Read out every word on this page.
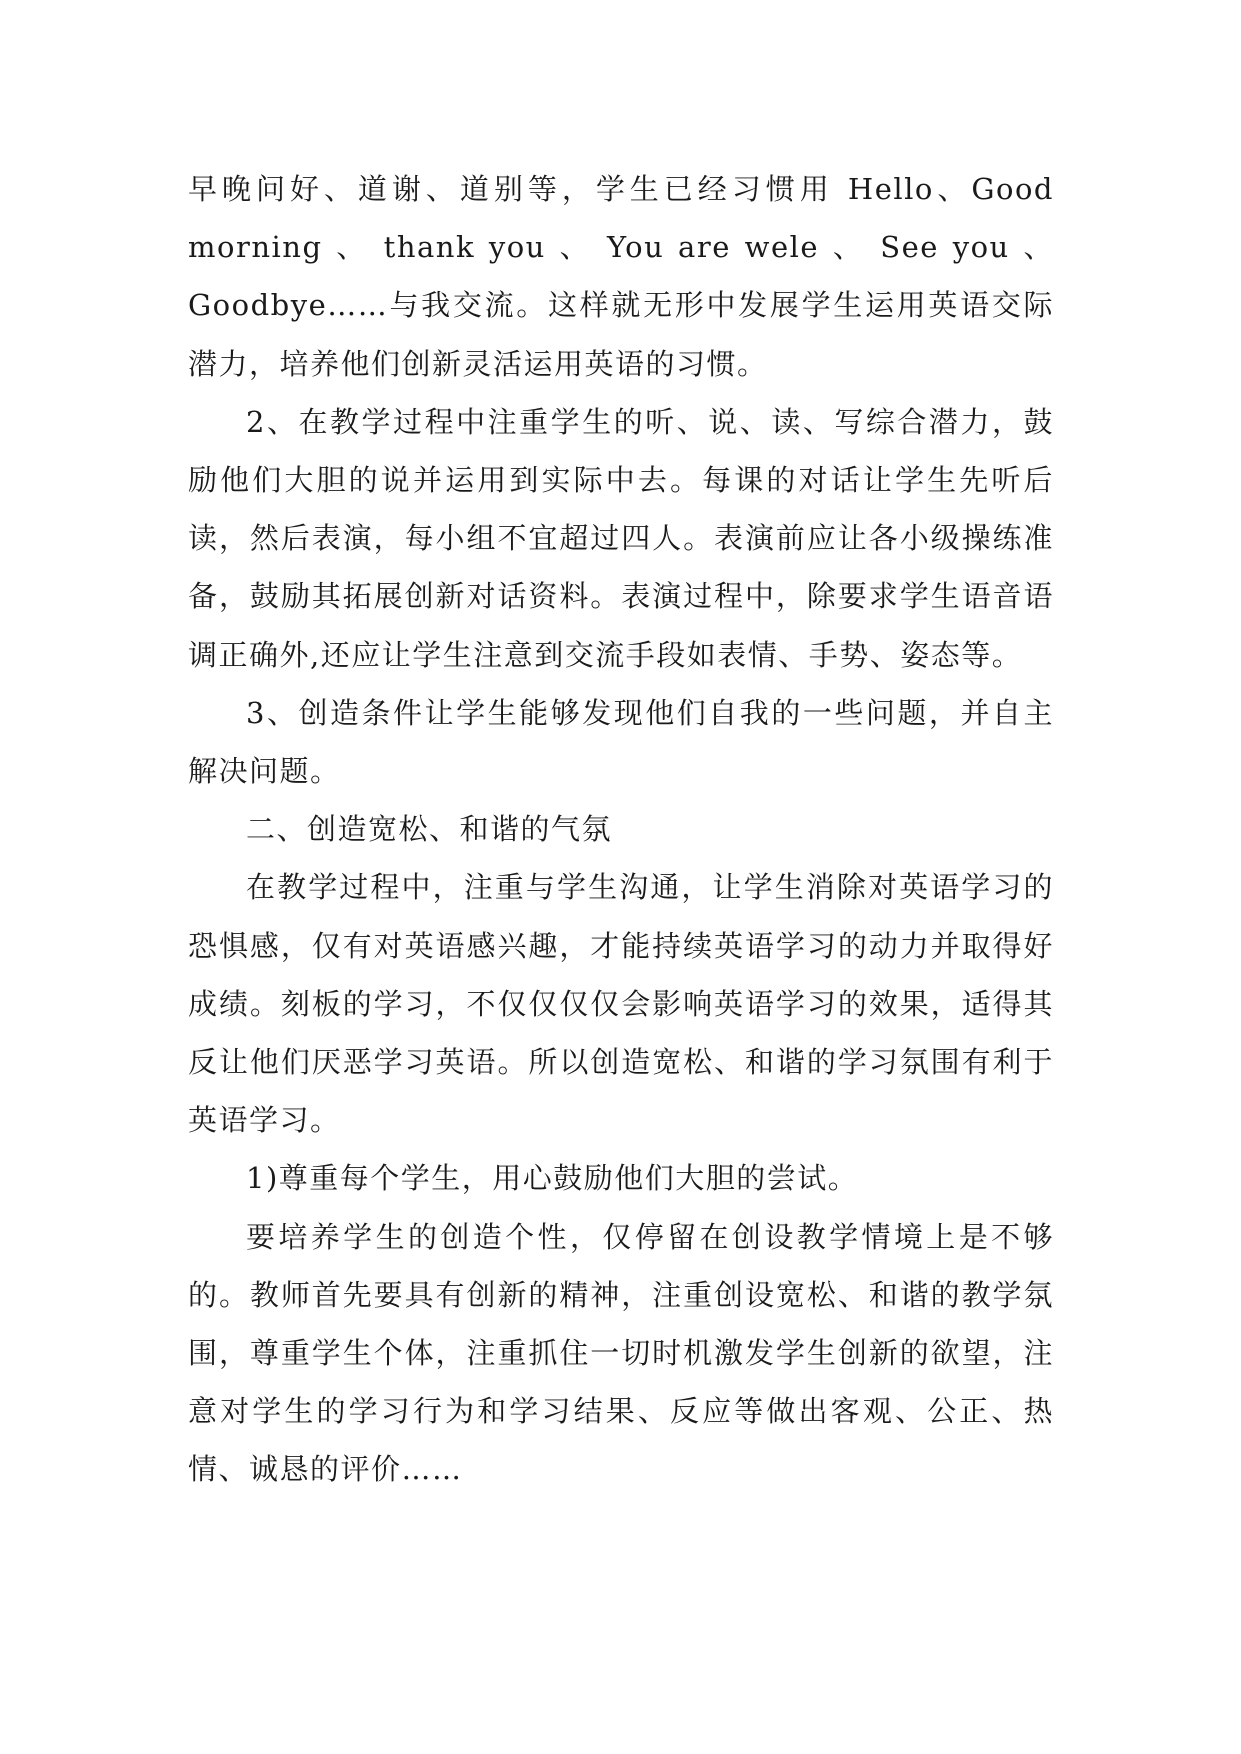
早晚问好、道谢、道别等，学生已经习惯用 Hello、Good morning 、 thank you 、 You are wele 、 See you 、 Goodbye……与我交流。这样就无形中发展学生运用英语交际潜力，培养他们创新灵活运用英语的习惯。

2、在教学过程中注重学生的听、说、读、写综合潜力，鼓励他们大胆的说并运用到实际中去。每课的对话让学生先听后读，然后表演，每小组不宜超过四人。表演前应让各小级操练准备，鼓励其拓展创新对话资料。表演过程中，除要求学生语音语调正确外,还应让学生注意到交流手段如表情、手势、姿态等。

3、创造条件让学生能够发现他们自我的一些问题，并自主解决问题。

二、创造宽松、和谐的气氛

在教学过程中，注重与学生沟通，让学生消除对英语学习的恐惧感，仅有对英语感兴趣，才能持续英语学习的动力并取得好成绩。刻板的学习，不仅仅仅仅会影响英语学习的效果，适得其反让他们厌恶学习英语。所以创造宽松、和谐的学习氛围有利于英语学习。

1)尊重每个学生，用心鼓励他们大胆的尝试。

要培养学生的创造个性，仅停留在创设教学情境上是不够的。教师首先要具有创新的精神，注重创设宽松、和谐的教学氛围，尊重学生个体，注重抓住一切时机激发学生创新的欲望，注意对学生的学习行为和学习结果、反应等做出客观、公正、热情、诚恳的评价……
